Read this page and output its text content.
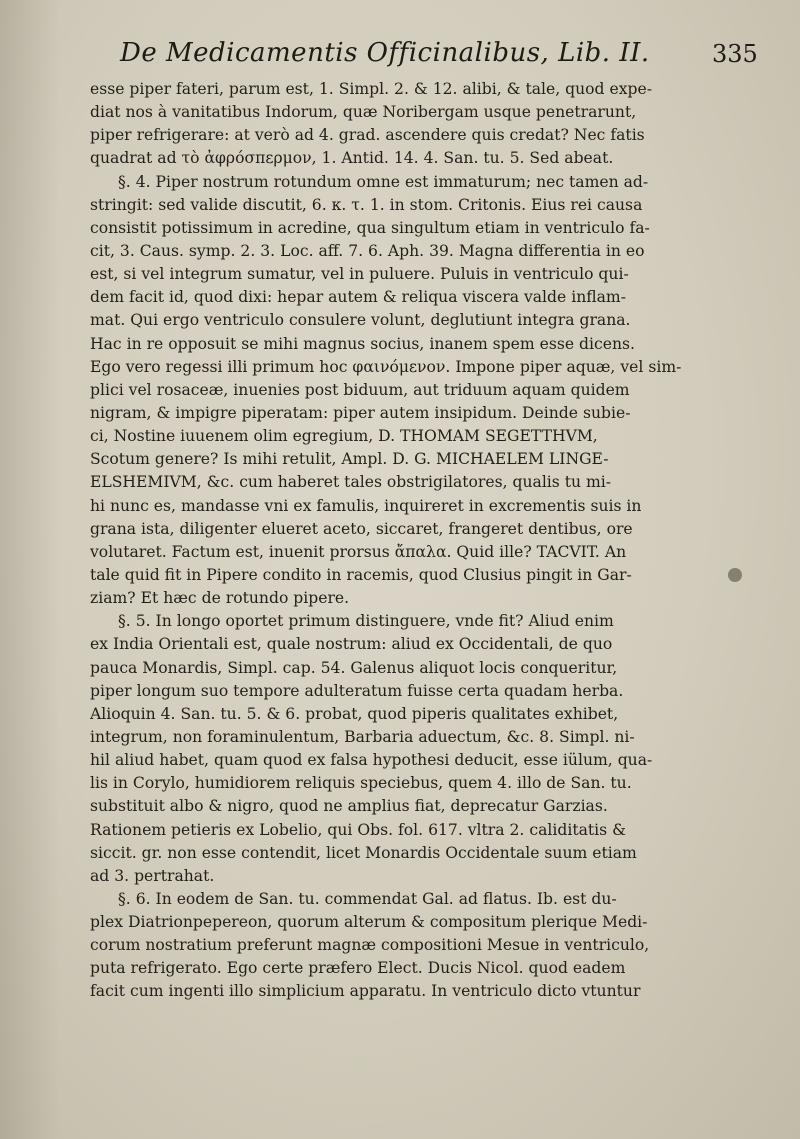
De Medicamentis Officinalibus, Lib. II.	335
esse piper fateri, parum est, 1. Simpl. 2. & 12. alibi, & tale, quod expe-
diat nos à vanitatibus Indorum, quæ Noribergam usque penetrarunt,
piper refrigerare: at verò ad 4. grad. ascendere quis credat? Nec fatis
quadrat ad τὸ ἀφρόσπερμον, 1. Antid. 14. 4. San. tu. 5. Sed abeat.
§. 4. Piper nostrum rotundum omne est immaturum; nec tamen ad-
stringit: sed valide discutit, 6. κ. τ. 1. in stom. Critonis. Eius rei causa
consistit potissimum in acredine, qua singultum etiam in ventriculo fa-
cit, 3. Caus. symp. 2. 3. Loc. aff. 7. 6. Aph. 39. Magna differentia in eo
est, si vel integrum sumatur, vel in puluere. Puluis in ventriculo qui-
dem facit id, quod dixi: hepar autem & reliqua viscera valde inflam-
mat. Qui ergo ventriculo consulere volunt, deglutiunt integra grana.
Hac in re opposuit se mihi magnus socius, inanem spem esse dicens.
Ego vero regessi illi primum hoc φαινόμενον. Impone piper aquæ, vel sim-
plici vel rosaceæ, inuenies post biduum, aut triduum aquam quidem
nigram, & impigre piperatam: piper autem insipidum. Deinde subie-
ci, Nostine iuuenem olim egregium, D. THOMAM SEGETTHVM,
Scotum genere? Is mihi retulit, Ampl. D. G. MICHAELEM LINGE-
ELSHEMIVM, &c. cum haberet tales obstrigilatores, qualis tu mi-
hi nunc es, mandasse vni ex famulis, inquireret in excrementis suis in
grana ista, diligenter elueret aceto, siccaret, frangeret dentibus, ore
volutaret. Factum est, inuenit prorsus ἄπαλα. Quid ille? TACVIT. An
tale quid fit in Pipere condito in racemis, quod Clusius pingit in Gar-
ziam? Et hæc de rotundo pipere.
§. 5. In longo oportet primum distinguere, vnde fit? Aliud enim
ex India Orientali est, quale nostrum: aliud ex Occidentali, de quo
pauca Monardis, Simpl. cap. 54. Galenus aliquot locis conqueritur,
piper longum suo tempore adulteratum fuisse certa quadam herba.
Alioquin 4. San. tu. 5. & 6. probat, quod piperis qualitates exhibet,
integrum, non foraminulentum, Barbaria aduectum, &c. 8. Simpl. ni-
hil aliud habet, quam quod ex falsa hypothesi deducit, esse iülum, qua-
lis in Corylo, humidiorem reliquis speciebus, quem 4. illo de San. tu.
substituit albo & nigro, quod ne amplius fiat, deprecatur Garzias.
Rationem petieris ex Lobelio, qui Obs. fol. 617. vltra 2. caliditatis &
siccit. gr. non esse contendit, licet Monardis Occidentale suum etiam
ad 3. pertrahat.
§. 6. In eodem de San. tu. commendat Gal. ad flatus. Ib. est du-
plex Diatrionpepereon, quorum alterum & compositum plerique Medi-
corum nostratium preferunt magnæ compositioni Mesue in ventriculo,
puta refrigerato. Ego certe præfero Elect. Ducis Nicol. quod eadem
facit cum ingenti illo simplicium apparatu. In ventriculo dicto vtuntur
